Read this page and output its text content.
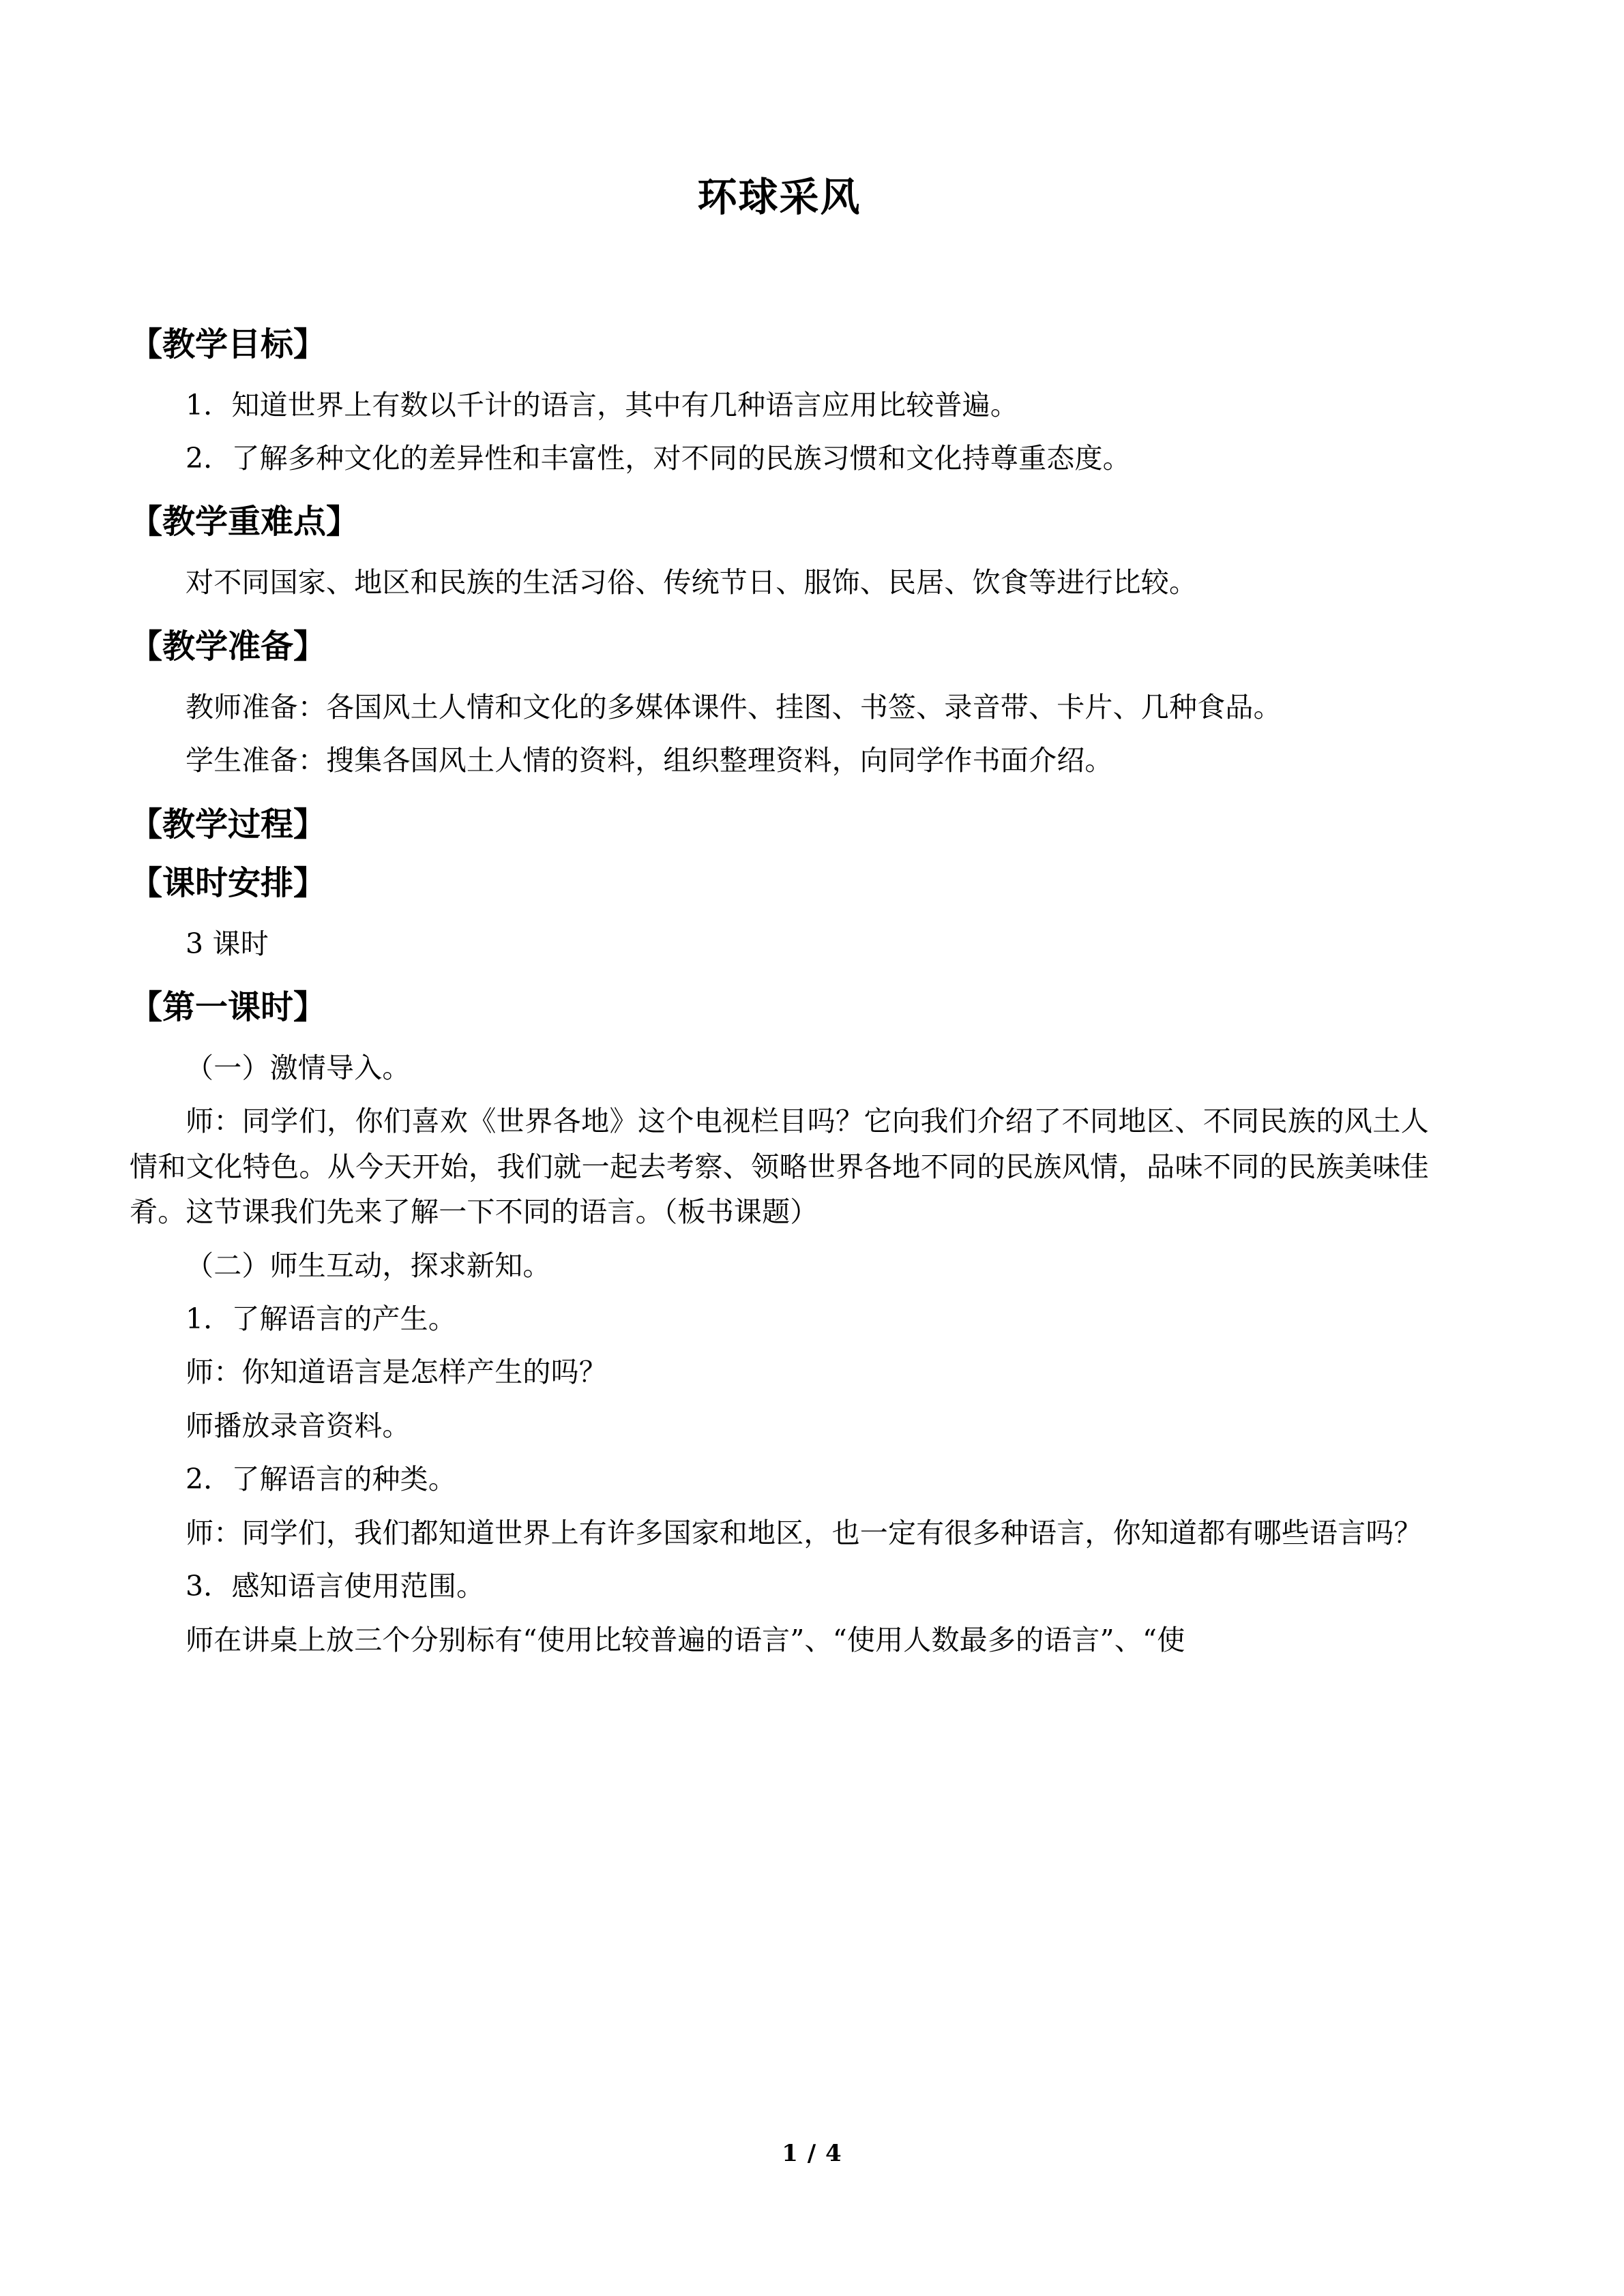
环球采风
【教学目标】

1．知道世界上有数以千计的语言，其中有几种语言应用比较普遍。

2．了解多种文化的差异性和丰富性，对不同的民族习惯和文化持尊重态度。

【教学重难点】

对不同国家、地区和民族的生活习俗、传统节日、服饰、民居、饮食等进行比较。

【教学准备】

教师准备：各国风土人情和文化的多媒体课件、挂图、书签、录音带、卡片、几种食品。

学生准备：搜集各国风土人情的资料，组织整理资料，向同学作书面介绍。

【教学过程】
【课时安排】

3 课时

【第一课时】

（一）激情导入。

师：同学们，你们喜欢《世界各地》这个电视栏目吗？它向我们介绍了不同地区、不同民族的风土人情和文化特色。从今天开始，我们就一起去考察、领略世界各地不同的民族风情，品味不同的民族美味佳肴。这节课我们先来了解一下不同的语言。（板书课题）

（二）师生互动，探求新知。

1．了解语言的产生。

师：你知道语言是怎样产生的吗？

师播放录音资料。

2．了解语言的种类。

师：同学们，我们都知道世界上有许多国家和地区，也一定有很多种语言，你知道都有哪些语言吗？

3．感知语言使用范围。

师在讲桌上放三个分别标有“使用比较普遍的语言”、“使用人数最多的语言”、“使

1 / 4
